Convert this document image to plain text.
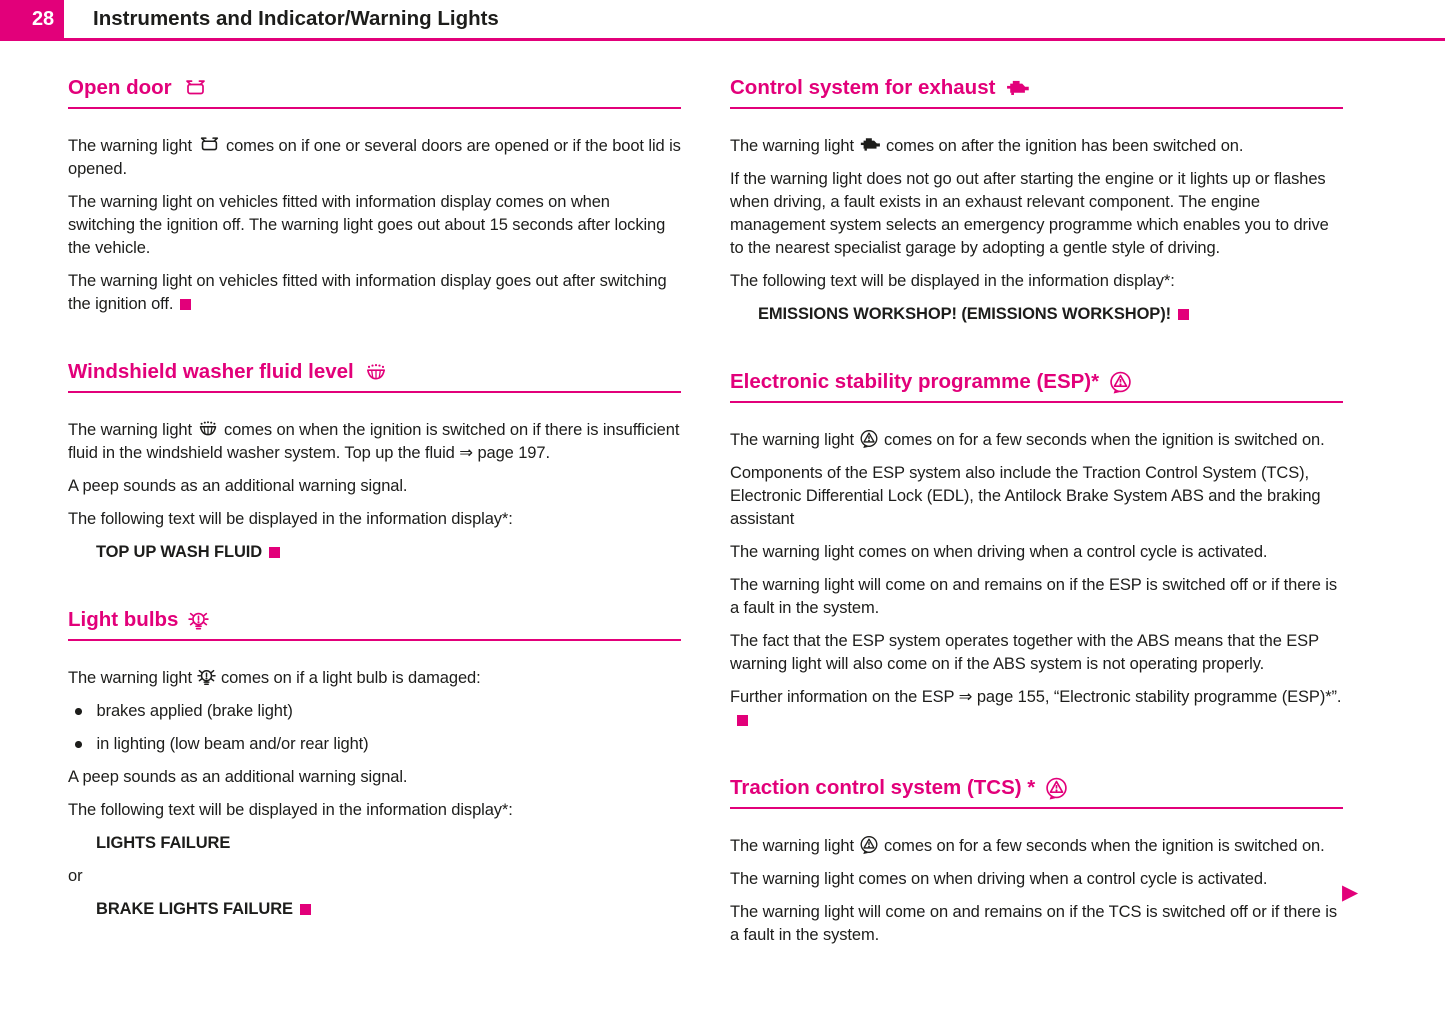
28	Instruments and Indicator/Warning Lights
Open door

The warning light comes on if one or several doors are opened or if the boot lid is opened.

The warning light on vehicles fitted with information display comes on when switching the ignition off. The warning light goes out about 15 seconds after locking the vehicle.

The warning light on vehicles fitted with information display goes out after switching the ignition off.

Windshield washer fluid level

The warning light comes on when the ignition is switched on if there is insufficient fluid in the windshield washer system. Top up the fluid ⇒ page 197.

A peep sounds as an additional warning signal.

The following text will be displayed in the information display*:

TOP UP WASH FLUID

Light bulbs

The warning light comes on if a light bulb is damaged:

brakes applied (brake light)
in lighting (low beam and/or rear light)

A peep sounds as an additional warning signal.

The following text will be displayed in the information display*:

LIGHTS FAILURE

or

BRAKE LIGHTS FAILURE

Control system for exhaust

The warning light comes on after the ignition has been switched on.

If the warning light does not go out after starting the engine or it lights up or flashes when driving, a fault exists in an exhaust relevant component. The engine management system selects an emergency programme which enables you to drive to the nearest specialist garage by adopting a gentle style of driving.

The following text will be displayed in the information display*:

EMISSIONS WORKSHOP! (EMISSIONS WORKSHOP)!

Electronic stability programme (ESP)*

The warning light comes on for a few seconds when the ignition is switched on.

Components of the ESP system also include the Traction Control System (TCS), Electronic Differential Lock (EDL), the Antilock Brake System ABS and the braking assistant

The warning light comes on when driving when a control cycle is activated.

The warning light will come on and remains on if the ESP is switched off or if there is a fault in the system.

The fact that the ESP system operates together with the ABS means that the ESP warning light will also come on if the ABS system is not operating properly.

Further information on the ESP ⇒ page 155, “Electronic stability programme (ESP)*”.

Traction control system (TCS) *

The warning light comes on for a few seconds when the ignition is switched on.

The warning light comes on when driving when a control cycle is activated.

The warning light will come on and remains on if the TCS is switched off or if there is a fault in the system.

▶
